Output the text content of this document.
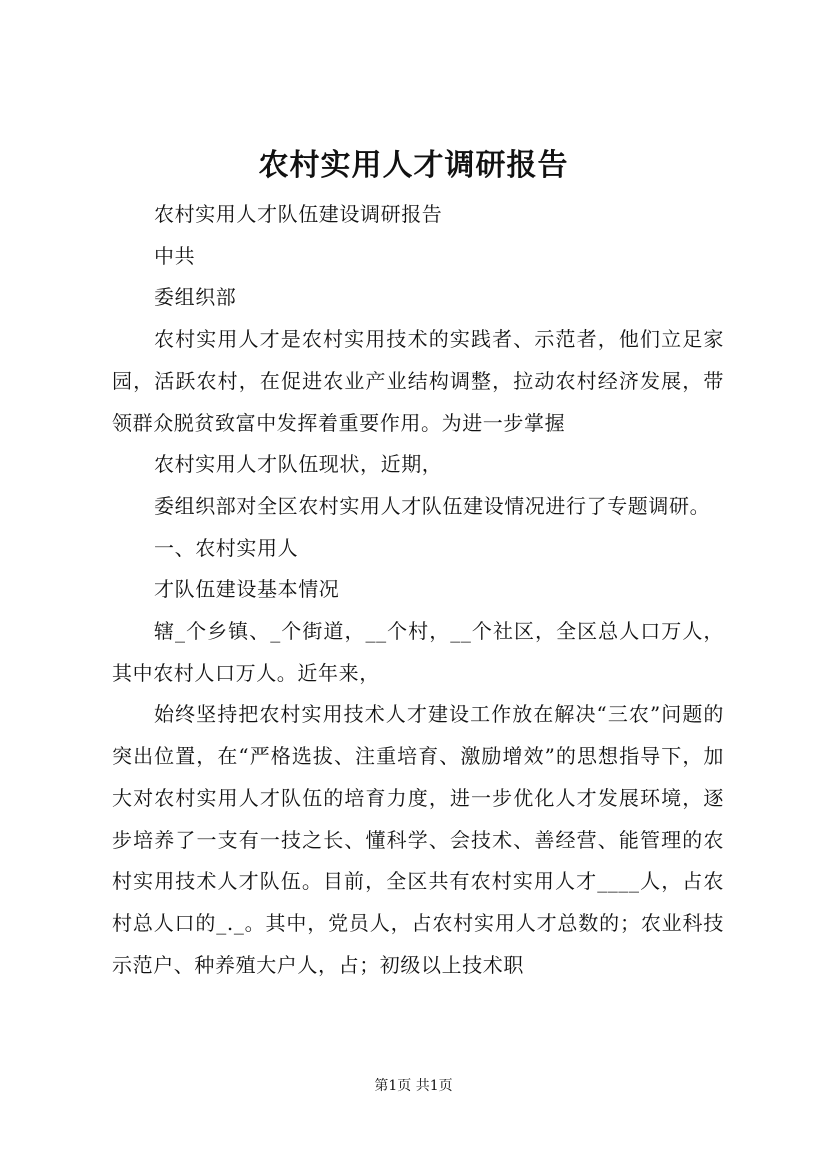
农村实用人才调研报告

农村实用人才队伍建设调研报告

中共

委组织部

农村实用人才是农村实用技术的实践者、示范者，他们立足家园，活跃农村，在促进农业产业结构调整，拉动农村经济发展，带领群众脱贫致富中发挥着重要作用。为进一步掌握

农村实用人才队伍现状，近期，

委组织部对全区农村实用人才队伍建设情况进行了专题调研。

一、农村实用人

才队伍建设基本情况

辖_个乡镇、_个街道，__个村，__个社区，全区总人口万人，其中农村人口万人。近年来，

始终坚持把农村实用技术人才建设工作放在解决“三农”问题的突出位置，在“严格选拔、注重培育、激励增效”的思想指导下，加大对农村实用人才队伍的培育力度，进一步优化人才发展环境，逐步培养了一支有一技之长、懂科学、会技术、善经营、能管理的农村实用技术人才队伍。目前，全区共有农村实用人才____人，占农村总人口的_._。其中，党员人，占农村实用人才总数的；农业科技示范户、种养殖大户人，占；初级以上技术职

第1页 共1页
